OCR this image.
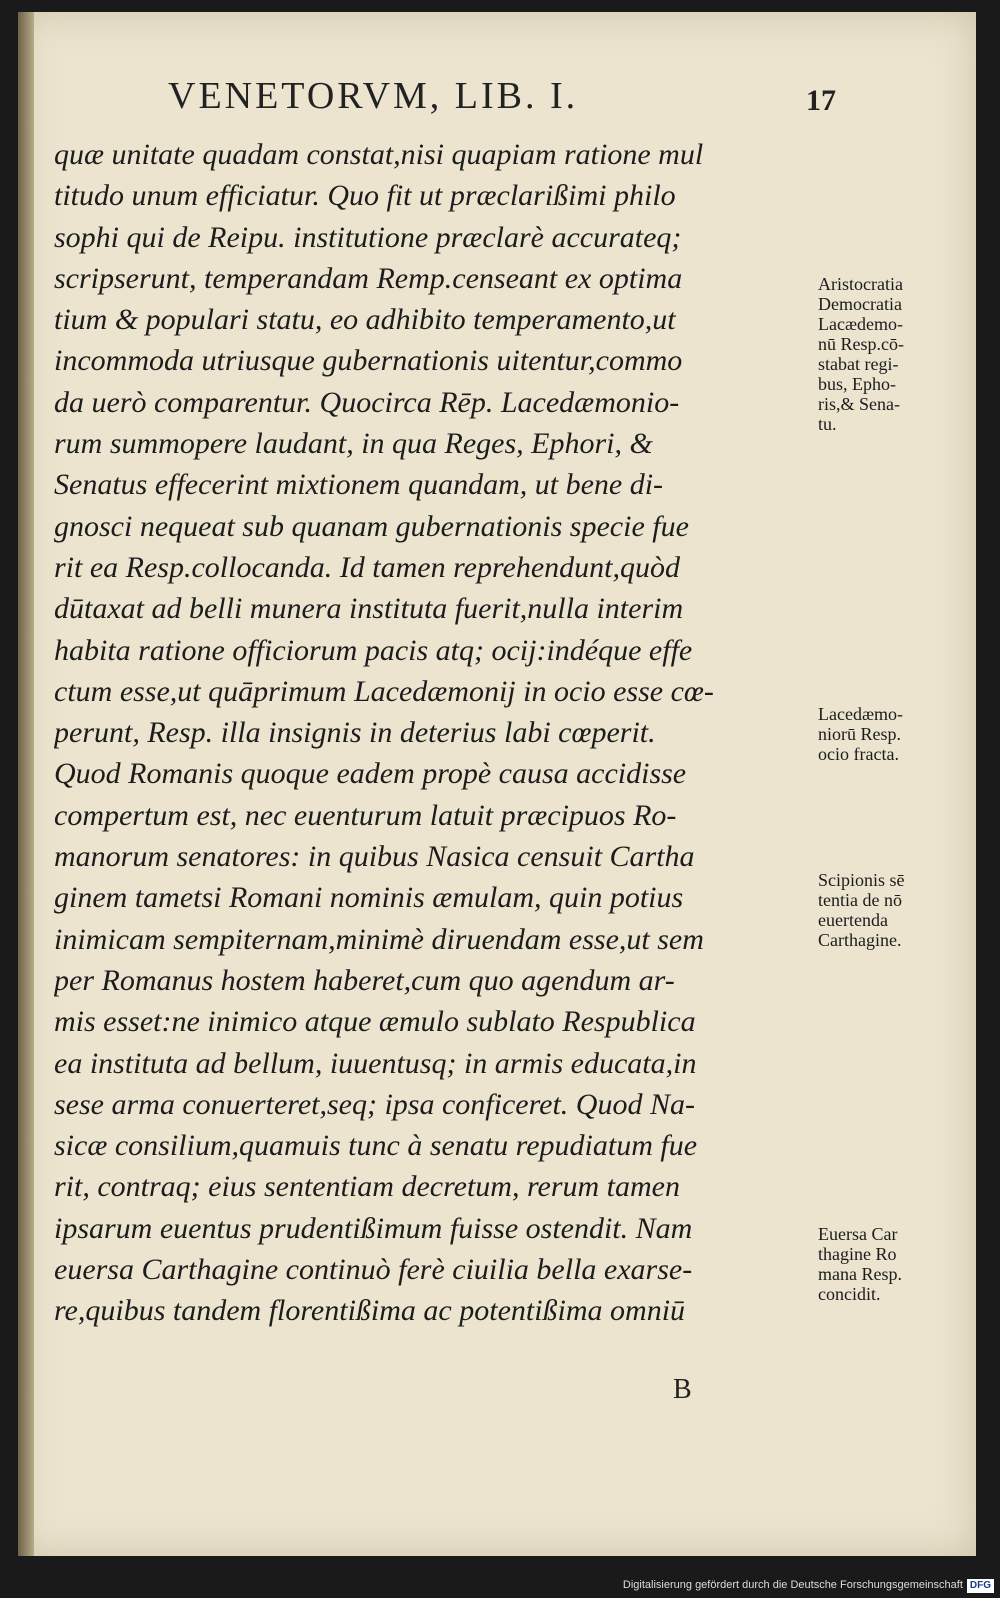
VENETORVM, LIB. I.	17
quæ unitate quadam constat,nisi quapiam ratione mul
titudo unum efficiatur. Quo fit ut præclarißimi philo
sophi qui de Reipu. institutione præclarè accurateq;
scripserunt, temperandam Remp.censeant ex optima
tium & populari statu, eo adhibito temperamento,ut
incommoda utriusque gubernationis uitentur,commo
da uerò comparentur. Quocirca Rēp. Lacedæmonio-
rum summopere laudant, in qua Reges, Ephori, &
Senatus effecerint mixtionem quandam, ut bene di-
gnosci nequeat sub quanam gubernationis specie fue
rit ea Resp.collocanda. Id tamen reprehendunt,quòd
dūtaxat ad belli munera instituta fuerit,nulla interim
habita ratione officiorum pacis atq; ocij:indéque effe
ctum esse,ut quāprimum Lacedæmonij in ocio esse cœ-
perunt, Resp. illa insignis in deterius labi cœperit.
Quod Romanis quoque eadem propè causa accidisse
compertum est, nec euenturum latuit præcipuos Ro-
manorum senatores: in quibus Nasica censuit Cartha
ginem tametsi Romani nominis æmulam, quin potius
inimicam sempiternam,minimè diruendam esse,ut sem
per Romanus hostem haberet,cum quo agendum ar-
mis esset:ne inimico atque æmulo sublato Respublica
ea instituta ad bellum, iuuentusq; in armis educata,in
sese arma conuerteret,seq; ipsa conficeret. Quod Na-
sicæ consilium,quamuis tunc à senatu repudiatum fue
rit, contraq; eius sententiam decretum, rerum tamen
ipsarum euentus prudentißimum fuisse ostendit. Nam
euersa Carthagine continuò ferè ciuilia bella exarse-
re,quibus tandem florentißima ac potentißima omniū
Aristocratia
Democratia
Lacædemo-
nū Resp.cō-
stabat regi-
bus, Epho-
ris,& Sena-
tu.
Lacedæmo-
niorū Resp.
ocio fracta.
Scipionis sē
tentia de nō
euertenda
Carthagine.
Euersa Car
thagine Ro
mana Resp.
concidit.
B
Digitalisierung gefördert durch die Deutsche Forschungsgemeinschaft DFG
